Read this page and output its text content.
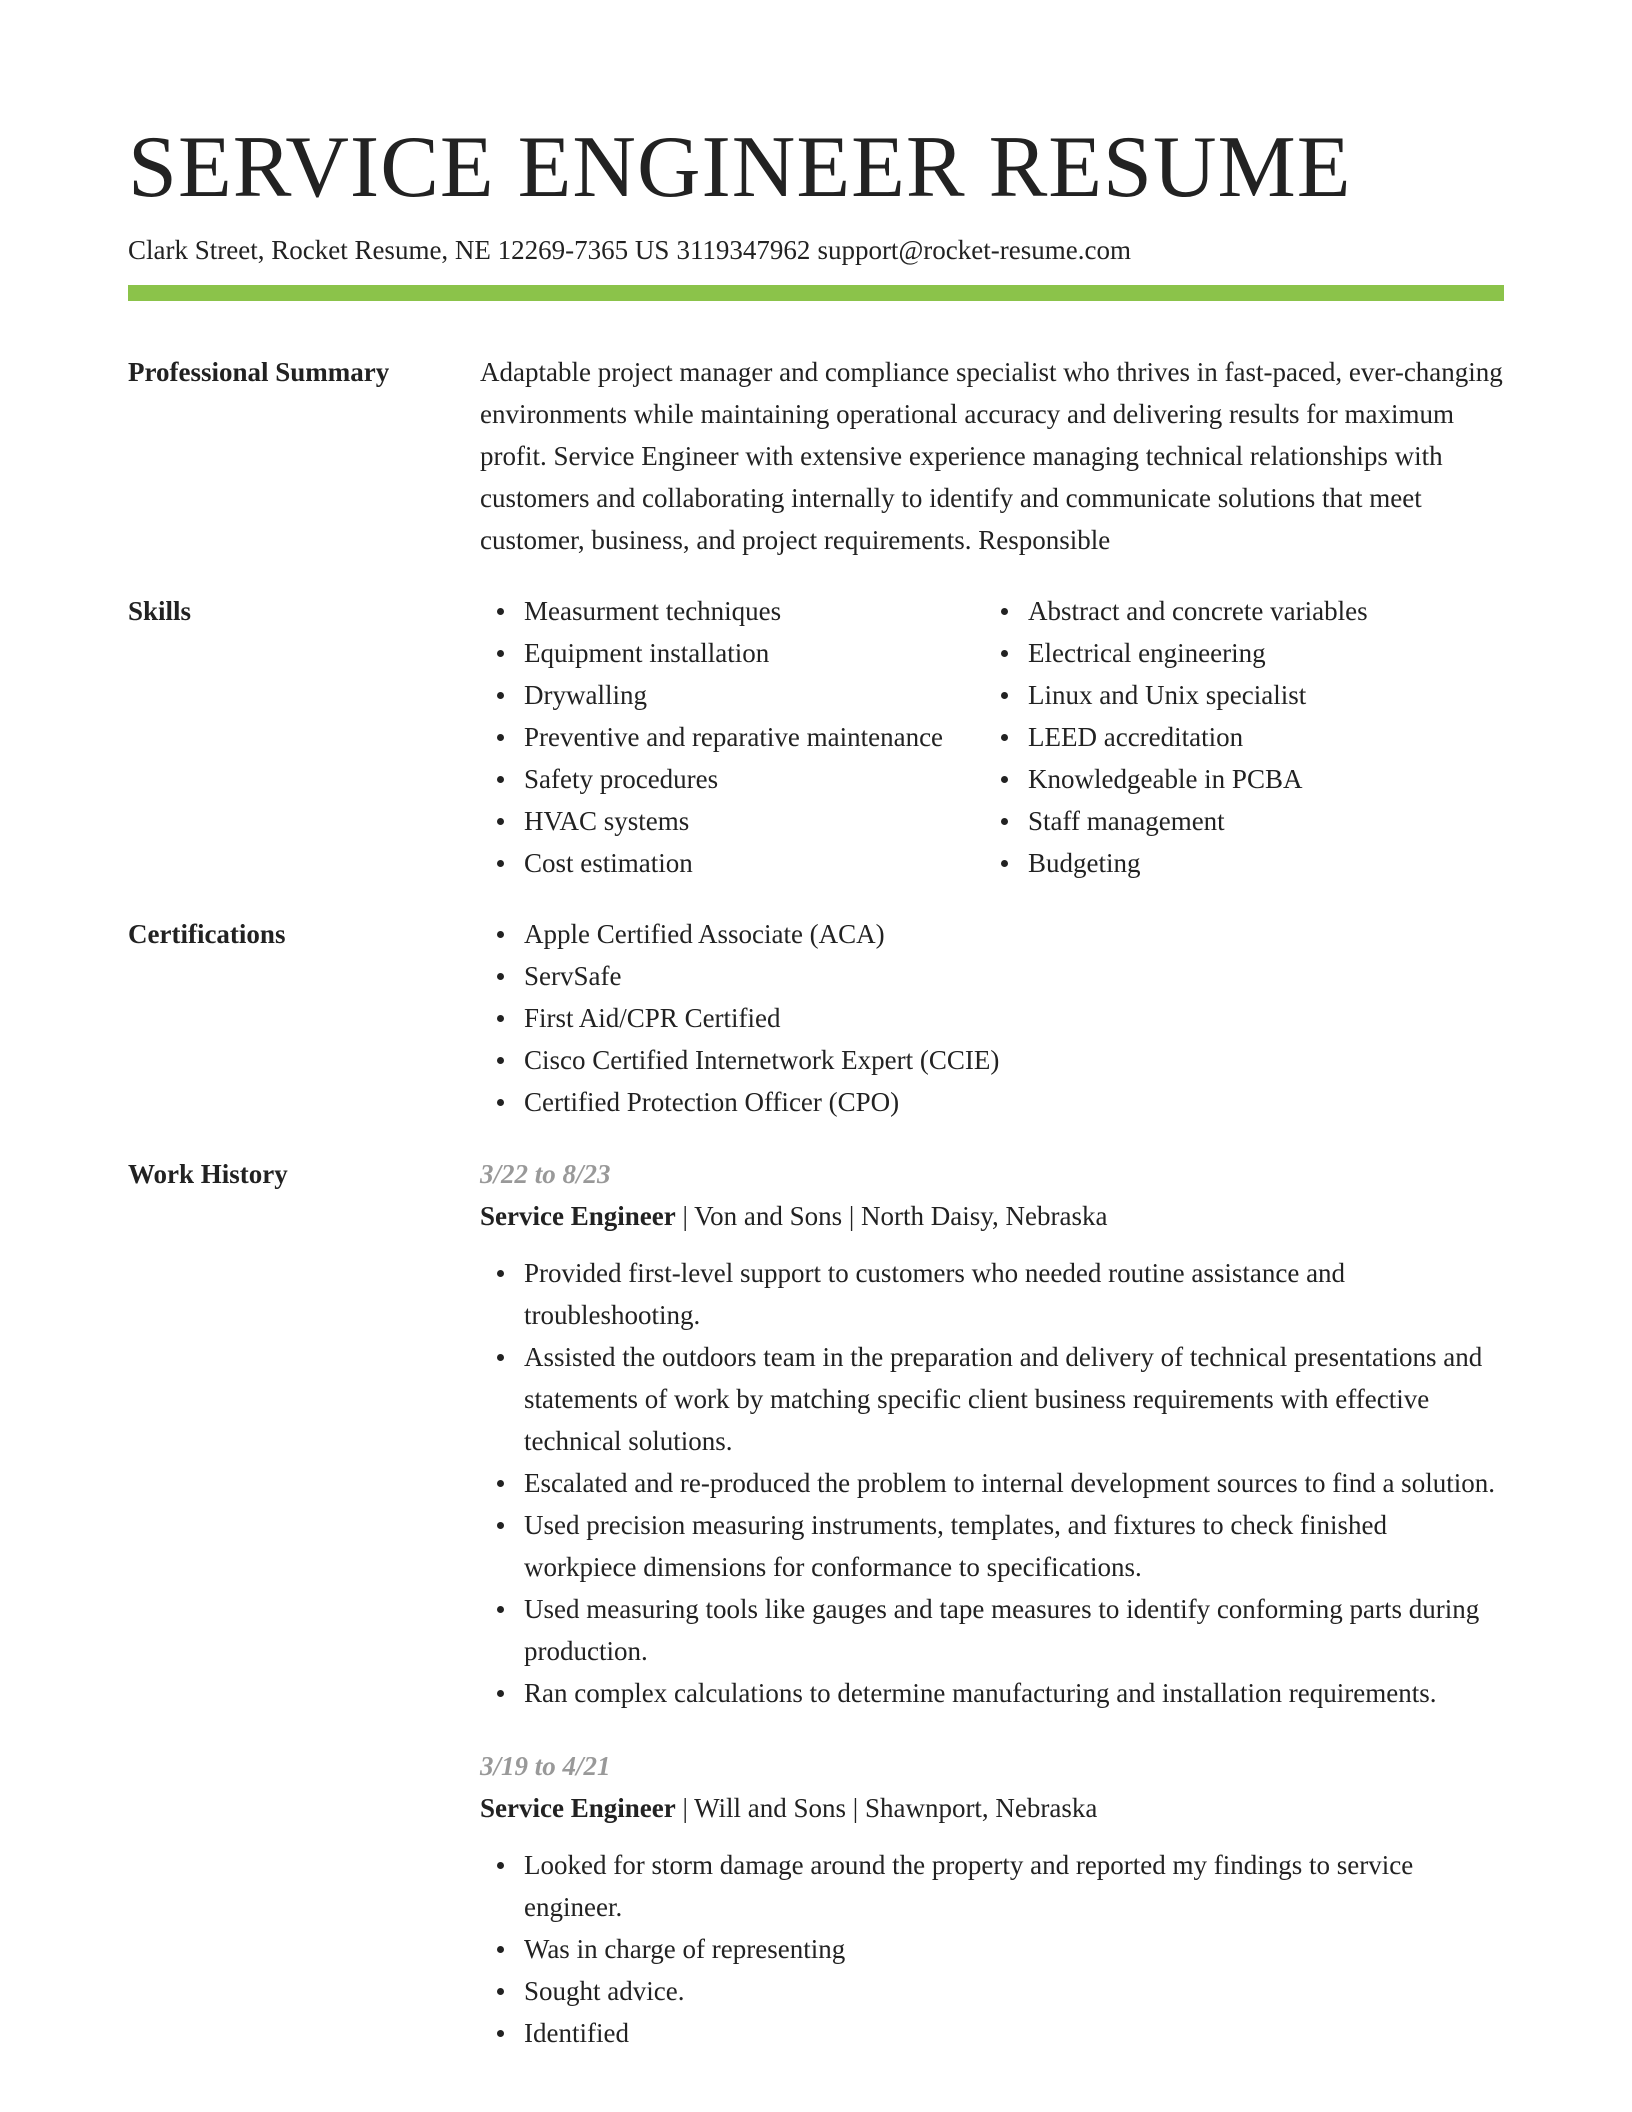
SERVICE ENGINEER RESUME
Clark Street, Rocket Resume, NE 12269-7365 US 3119347962 support@rocket-resume.com
Professional Summary	Adaptable project manager and compliance specialist who thrives in fast-paced, ever-changing environments while maintaining operational accuracy and delivering results for maximum profit. Service Engineer with extensive experience managing technical relationships with customers and collaborating internally to identify and communicate solutions that meet customer, business, and project requirements. Responsible

Skills	Measurment techniques
Equipment installation
Drywalling
Preventive and reparative maintenance
Safety procedures
HVAC systems
Cost estimation
Abstract and concrete variables
Electrical engineering
Linux and Unix specialist
LEED accreditation
Knowledgeable in PCBA
Staff management
Budgeting
Certifications	Apple Certified Associate (ACA)
ServSafe
First Aid/CPR Certified
Cisco Certified Internetwork Expert (CCIE)
Certified Protection Officer (CPO)
Work History	3/22 to 8/23
Service Engineer | Von and Sons | North Daisy, Nebraska
Provided first-level support to customers who needed routine assistance and troubleshooting.
Assisted the outdoors team in the preparation and delivery of technical presentations and statements of work by matching specific client business requirements with effective technical solutions.
Escalated and re-produced the problem to internal development sources to find a solution.
Used precision measuring instruments, templates, and fixtures to check finished workpiece dimensions for conformance to specifications.
Used measuring tools like gauges and tape measures to identify conforming parts during production.
Ran complex calculations to determine manufacturing and installation requirements.
3/19 to 4/21
Service Engineer | Will and Sons | Shawnport, Nebraska
Looked for storm damage around the property and reported my findings to service engineer.
Was in charge of representing
Sought advice.
Identified
